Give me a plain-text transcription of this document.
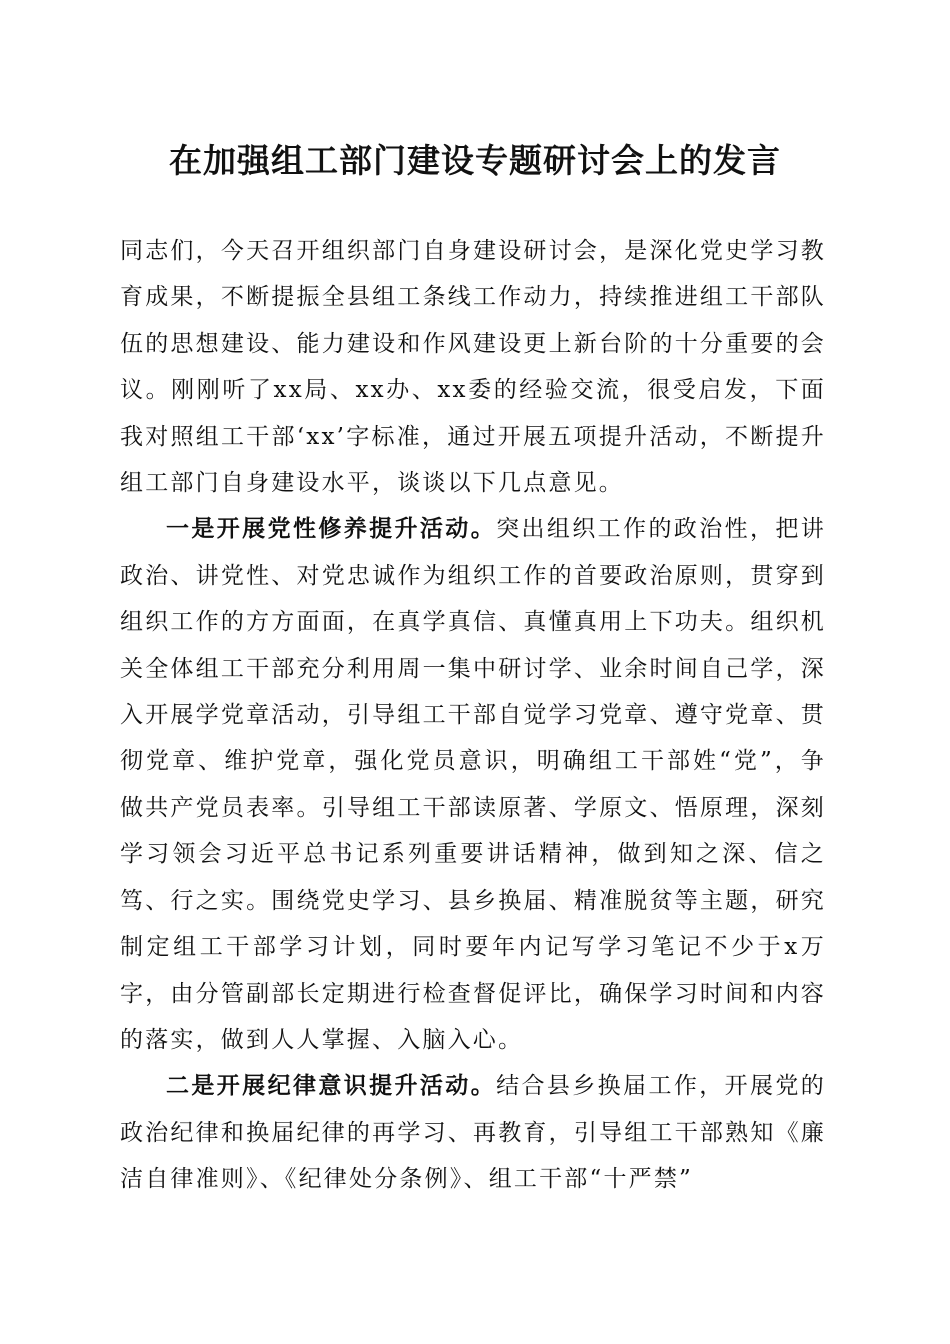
在加强组工部门建设专题研讨会上的发言

同志们，今天召开组织部门自身建设研讨会，是深化党史学习教育成果，不断提振全县组工条线工作动力，持续推进组工干部队伍的思想建设、能力建设和作风建设更上新台阶的十分重要的会议。刚刚听了xx局、xx办、xx委的经验交流，很受启发，下面我对照组工干部‘xx’字标准，通过开展五项提升活动，不断提升组工部门自身建设水平，谈谈以下几点意见。

一是开展党性修养提升活动。突出组织工作的政治性，把讲政治、讲党性、对党忠诚作为组织工作的首要政治原则，贯穿到组织工作的方方面面，在真学真信、真懂真用上下功夫。组织机关全体组工干部充分利用周一集中研讨学、业余时间自己学，深入开展学党章活动，引导组工干部自觉学习党章、遵守党章、贯彻党章、维护党章，强化党员意识，明确组工干部姓“党”，争做共产党员表率。引导组工干部读原著、学原文、悟原理，深刻学习领会习近平总书记系列重要讲话精神，做到知之深、信之笃、行之实。围绕党史学习、县乡换届、精准脱贫等主题，研究制定组工干部学习计划，同时要年内记写学习笔记不少于x万字，由分管副部长定期进行检查督促评比，确保学习时间和内容的落实，做到人人掌握、入脑入心。

二是开展纪律意识提升活动。结合县乡换届工作，开展党的政治纪律和换届纪律的再学习、再教育，引导组工干部熟知《廉洁自律准则》、《纪律处分条例》、组工干部“十严禁”
